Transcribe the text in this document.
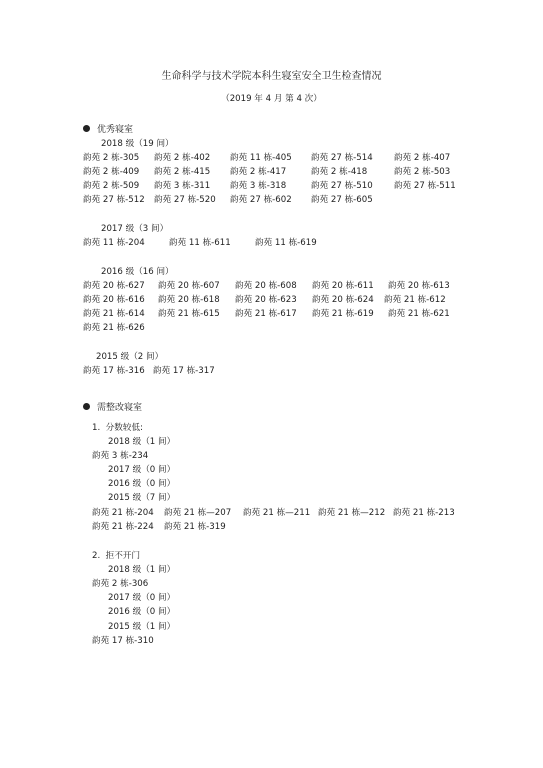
生命科学与技术学院本科生寝室安全卫生检查情况
（2019 年 4 月 第 4 次）
优秀寝室
2018 级（19 间）
韵苑 2 栋-305 韵苑 2 栋-402 韵苑 11 栋-405 韵苑 27 栋-514 韵苑 2 栋-407
韵苑 2 栋-409 韵苑 2 栋-415 韵苑 2 栋-417	韵苑 2 栋-418	韵苑 2 栋-503
韵苑 2 栋-509 韵苑 3 栋-311 韵苑 3 栋-318	韵苑 27 栋-510 韵苑 27 栋-511
韵苑 27 栋-512 韵苑 27 栋-520 韵苑 27 栋-602 韵苑 27 栋-605
2017 级（3 间）
韵苑 11 栋-204	韵苑 11 栋-611	韵苑 11 栋-619
2016 级（16 间）
韵苑 20 栋-627 韵苑 20 栋-607 韵苑 20 栋-608 韵苑 20 栋-611 韵苑 20 栋-613
韵苑 20 栋-616 韵苑 20 栋-618 韵苑 20 栋-623 韵苑 20 栋-624 韵苑 21 栋-612
韵苑 21 栋-614 韵苑 21 栋-615 韵苑 21 栋-617 韵苑 21 栋-619 韵苑 21 栋-621
韵苑 21 栋-626
2015 级（2 间）
韵苑 17 栋-316 韵苑 17 栋-317
需整改寝室
1. 分数较低:
2018 级（1 间）
韵苑 3 栋-234
2017 级（0 间）
2016 级（0 间）
2015 级（7 间）
韵苑 21 栋-204 韵苑 21 栋—207 韵苑 21 栋—211 韵苑 21 栋—212 韵苑 21 栋-213
韵苑 21 栋-224 韵苑 21 栋-319
2. 拒不开门
2018 级（1 间）
韵苑 2 栋-306
2017 级（0 间）
2016 级（0 间）
2015 级（1 间）
韵苑 17 栋-310
